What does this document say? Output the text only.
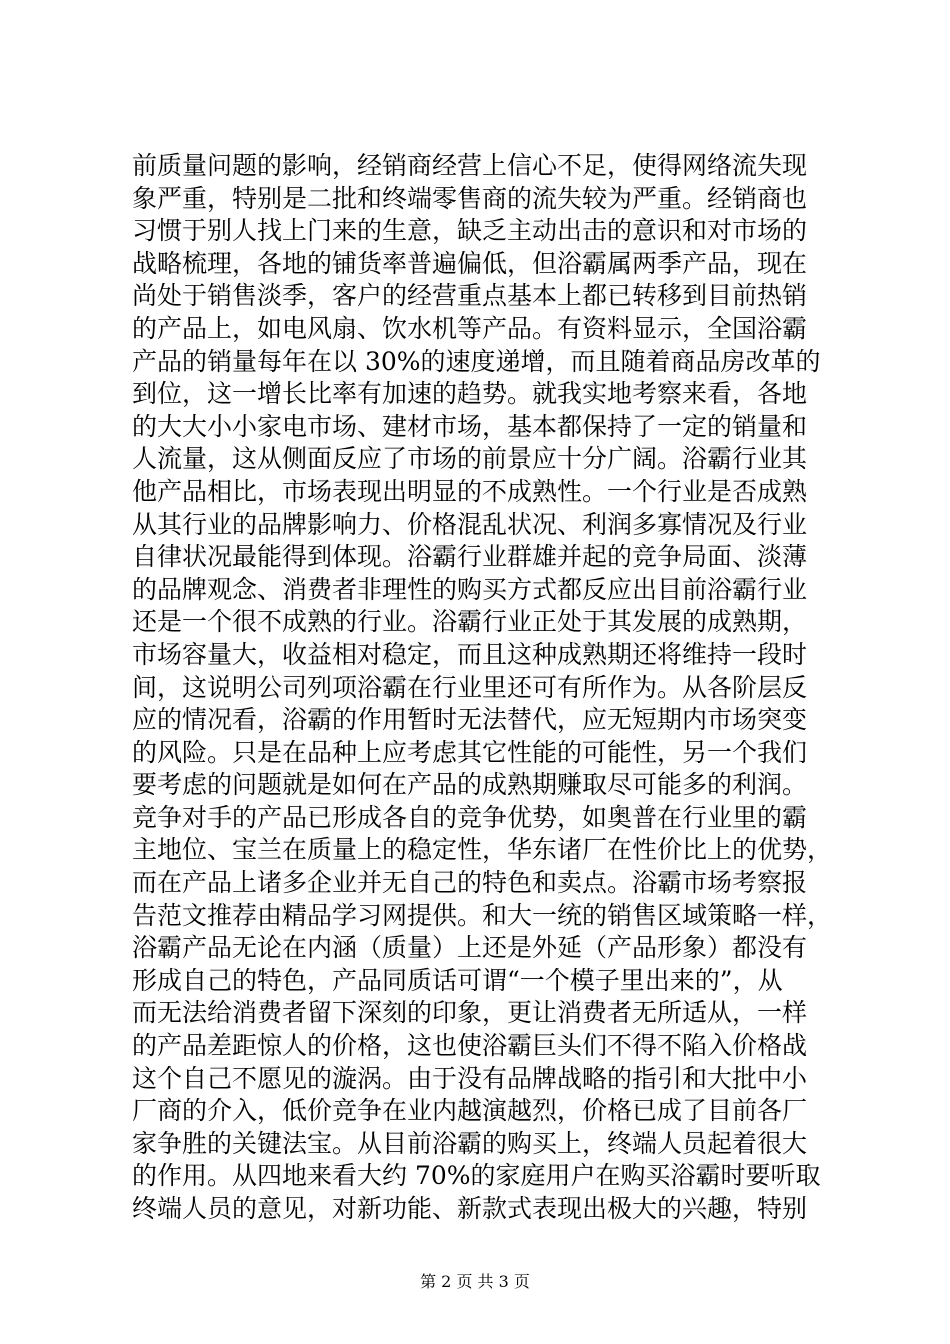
前质量问题的影响，经销商经营上信心不足，使得网络流失现
象严重，特别是二批和终端零售商的流失较为严重。经销商也
习惯于别人找上门来的生意，缺乏主动出击的意识和对市场的
战略梳理，各地的铺货率普遍偏低，但浴霸属两季产品，现在
尚处于销售淡季，客户的经营重点基本上都已转移到目前热销
的产品上，如电风扇、饮水机等产品。有资料显示，全国浴霸
产品的销量每年在以 30%的速度递增，而且随着商品房改革的
到位，这一增长比率有加速的趋势。就我实地考察来看，各地
的大大小小家电市场、建材市场，基本都保持了一定的销量和
人流量，这从侧面反应了市场的前景应十分广阔。浴霸行业其
他产品相比，市场表现出明显的不成熟性。一个行业是否成熟
从其行业的品牌影响力、价格混乱状况、利润多寡情况及行业
自律状况最能得到体现。浴霸行业群雄并起的竞争局面、淡薄
的品牌观念、消费者非理性的购买方式都反应出目前浴霸行业
还是一个很不成熟的行业。浴霸行业正处于其发展的成熟期，
市场容量大，收益相对稳定，而且这种成熟期还将维持一段时
间，这说明公司列项浴霸在行业里还可有所作为。从各阶层反
应的情况看，浴霸的作用暂时无法替代，应无短期内市场突变
的风险。只是在品种上应考虑其它性能的可能性，另一个我们
要考虑的问题就是如何在产品的成熟期赚取尽可能多的利润。
竞争对手的产品已形成各自的竞争优势，如奥普在行业里的霸
主地位、宝兰在质量上的稳定性，华东诸厂在性价比上的优势，
而在产品上诸多企业并无自己的特色和卖点。浴霸市场考察报
告范文推荐由精品学习网提供。和大一统的销售区域策略一样，
浴霸产品无论在内涵（质量）上还是外延（产品形象）都没有
形成自己的特色，产品同质话可谓“一个模子里出来的”，从
而无法给消费者留下深刻的印象，更让消费者无所适从，一样
的产品差距惊人的价格，这也使浴霸巨头们不得不陷入价格战
这个自己不愿见的漩涡。由于没有品牌战略的指引和大批中小
厂商的介入，低价竞争在业内越演越烈，价格已成了目前各厂
家争胜的关键法宝。从目前浴霸的购买上，终端人员起着很大
的作用。从四地来看大约 70%的家庭用户在购买浴霸时要听取
终端人员的意见，对新功能、新款式表现出极大的兴趣，特别
第 2 页 共 3 页
